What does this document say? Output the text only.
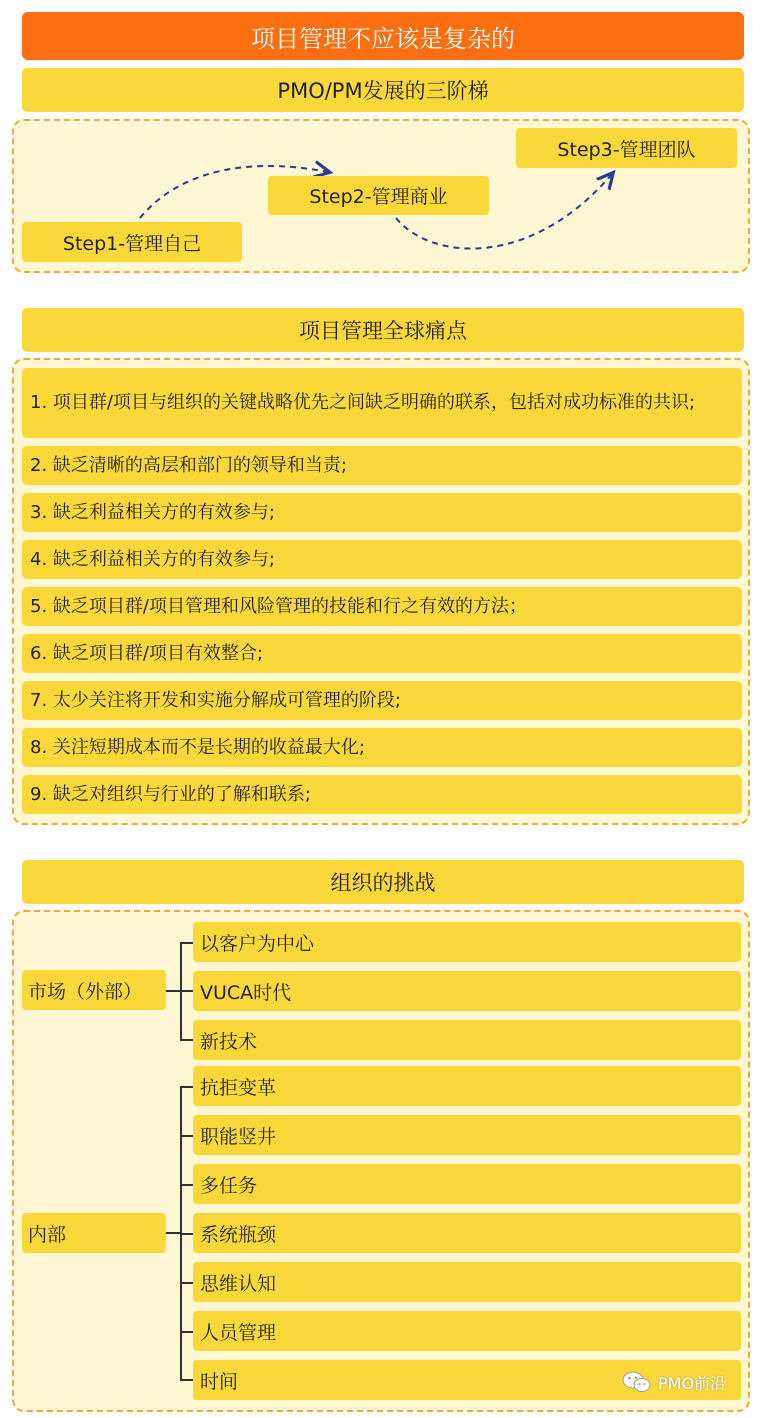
项目管理不应该是复杂的
PMO/PM发展的三阶梯
Step1-管理自己
Step2-管理商业
Step3-管理团队
项目管理全球痛点
1. 项目群/项目与组织的关键战略优先之间缺乏明确的联系，包括对成功标准的共识;
2. 缺乏清晰的高层和部门的领导和当责;
3. 缺乏利益相关方的有效参与;
4. 缺乏利益相关方的有效参与;
5. 缺乏项目群/项目管理和风险管理的技能和行之有效的方法；
6. 缺乏项目群/项目有效整合;
7. 太少关注将开发和实施分解成可管理的阶段;
8. 关注短期成本而不是长期的收益最大化;
9. 缺乏对组织与行业的了解和联系;
组织的挑战
市场（外部）
以客户为中心
VUCA时代
新技术
内部
抗拒变革
职能竖井
多任务
系统瓶颈
思维认知
人员管理
时间	PMO前沿
